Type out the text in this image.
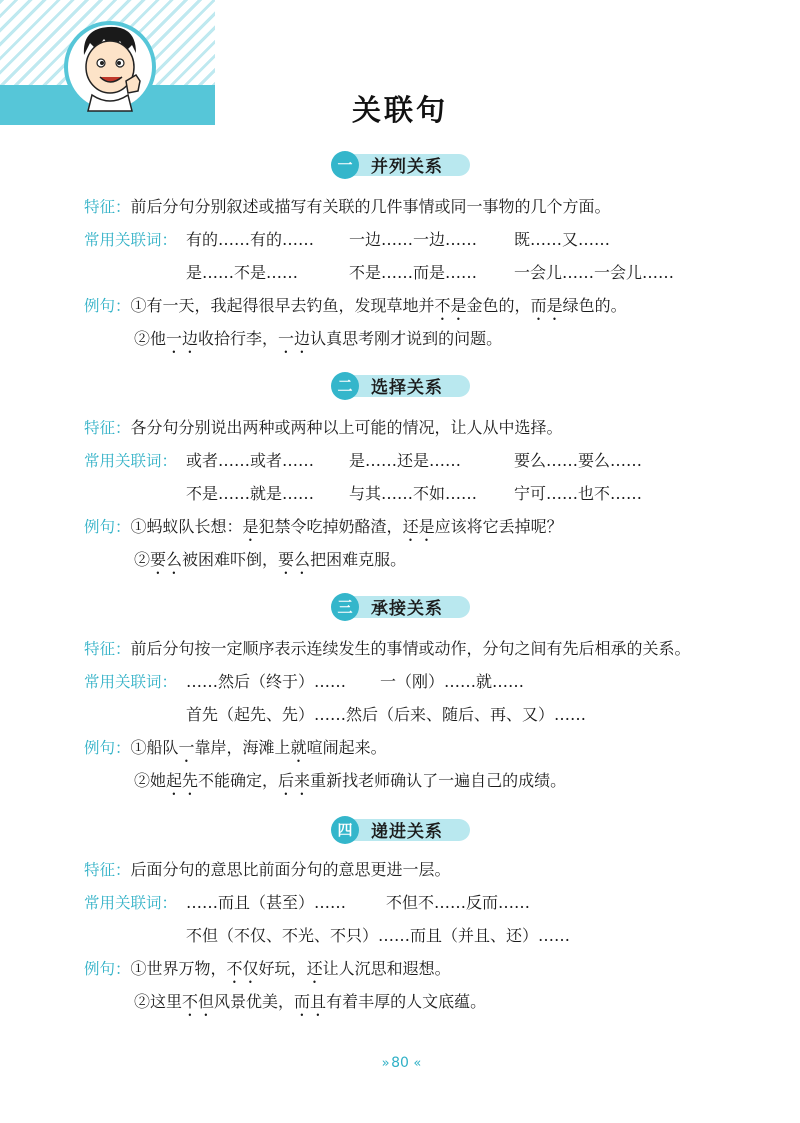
关联句
一	并列关系
特征：前后分句分别叙述或描写有关联的几件事情或同一事物的几个方面。
常用关联词： 有的……有的…… 一边……一边…… 既……又……
是……不是……	不是……而是…… 一会儿……一会儿……
例句：①有一天，我起得很早去钓鱼，发现草地并不是金色的，而是绿色的。
②他一边收拾行李，一边认真思考刚才说到的问题。
二	选择关系
特征：各分句分别说出两种或两种以上可能的情况，让人从中选择。
常用关联词： 或者……或者…… 是……还是……	要么……要么……
不是……就是…… 与其……不如…… 宁可……也不……
例句：①蚂蚁队长想：是犯禁令吃掉奶酪渣，还是应该将它丢掉呢？
②要么被困难吓倒，要么把困难克服。
三	承接关系
特征：前后分句按一定顺序表示连续发生的事情或动作，分句之间有先后相承的关系。
常用关联词： ……然后（终于）…… 一（刚）……就……
首先（起先、先）……然后（后来、随后、再、又）……
例句：①船队一靠岸，海滩上就喧闹起来。
②她起先不能确定，后来重新找老师确认了一遍自己的成绩。
四	递进关系
特征：后面分句的意思比前面分句的意思更进一层。
常用关联词： ……而且（甚至）…… 不但不……反而……
不但（不仅、不光、不只）……而且（并且、还）……
例句：①世界万物，不仅好玩，还让人沉思和遐想。
②这里不但风景优美，而且有着丰厚的人文底蕴。
» 80 «
